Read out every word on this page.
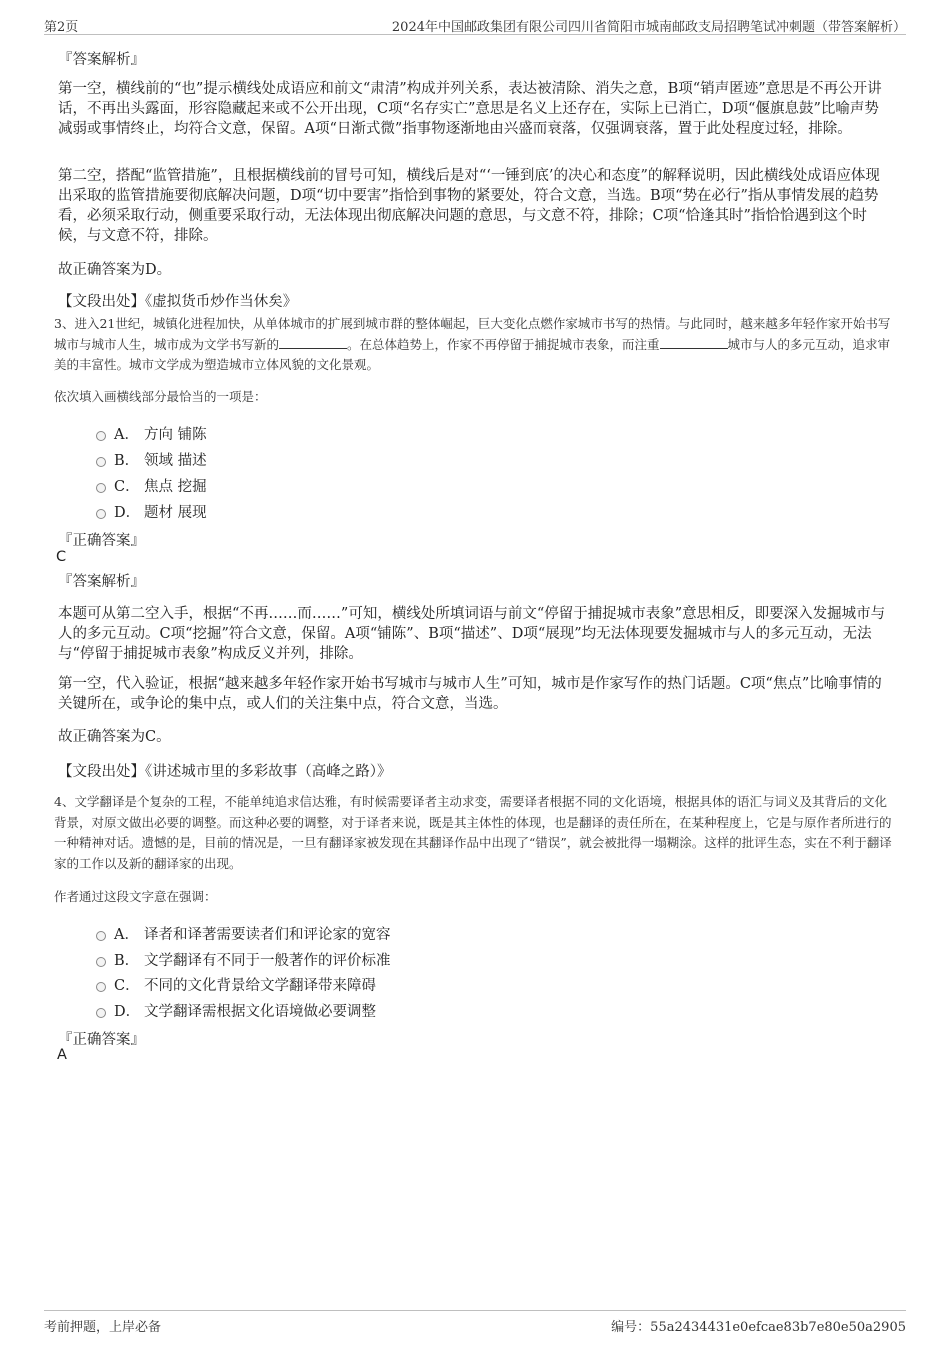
第2页	2024年中国邮政集团有限公司四川省简阳市城南邮政支局招聘笔试冲刺题（带答案解析）
『答案解析』
第一空，横线前的“也”提示横线处成语应和前文“肃清”构成并列关系，表达被清除、消失之意，B项“销声匿迹”意思是不再公开讲话，不再出头露面，形容隐藏起来或不公开出现，C项“名存实亡”意思是名义上还存在，实际上已消亡，D项“偃旗息鼓”比喻声势减弱或事情终止，均符合文意，保留。A项“日渐式微”指事物逐渐地由兴盛而衰落，仅强调衰落，置于此处程度过轻，排除。
第二空，搭配“监管措施”，且根据横线前的冒号可知，横线后是对“‘一锤到底’的决心和态度”的解释说明，因此横线处成语应体现出采取的监管措施要彻底解决问题，D项“切中要害”指恰到事物的紧要处，符合文意，当选。B项“势在必行”指从事情发展的趋势看，必须采取行动，侧重要采取行动，无法体现出彻底解决问题的意思，与文意不符，排除；C项“恰逢其时”指恰恰遇到这个时候，与文意不符，排除。
故正确答案为D。
【文段出处】《虚拟货币炒作当休矣》
3、进入21世纪，城镇化进程加快，从单体城市的扩展到城市群的整体崛起，巨大变化点燃作家城市书写的热情。与此同时，越来越多年轻作家开始书写城市与城市人生，城市成为文学书写新的	。在总体趋势上，作家不再停留于捕捉城市表象，而注重	城市与人的多元互动，追求审美的丰富性。城市文学成为塑造城市立体风貌的文化景观。
依次填入画横线部分最恰当的一项是：
A． 方向 铺陈
B． 领域 描述
C． 焦点 挖掘
D． 题材 展现
『正确答案』
C
『答案解析』
本题可从第二空入手，根据“不再……而……”可知，横线处所填词语与前文“停留于捕捉城市表象”意思相反，即要深入发掘城市与人的多元互动。C项“挖掘”符合文意，保留。A项“铺陈”、B项“描述”、D项“展现”均无法体现要发掘城市与人的多元互动，无法与“停留于捕捉城市表象”构成反义并列，排除。
第一空，代入验证，根据“越来越多年轻作家开始书写城市与城市人生”可知，城市是作家写作的热门话题。C项“焦点”比喻事情的关键所在，或争论的集中点，或人们的关注集中点，符合文意，当选。
故正确答案为C。
【文段出处】《讲述城市里的多彩故事（高峰之路）》
4、文学翻译是个复杂的工程，不能单纯追求信达雅，有时候需要译者主动求变，需要译者根据不同的文化语境，根据具体的语汇与词义及其背后的文化背景，对原文做出必要的调整。而这种必要的调整，对于译者来说，既是其主体性的体现，也是翻译的责任所在，在某种程度上，它是与原作者所进行的一种精神对话。遗憾的是，目前的情况是，一旦有翻译家被发现在其翻译作品中出现了“错误”，就会被批得一塌糊涂。这样的批评生态，实在不利于翻译家的工作以及新的翻译家的出现。
作者通过这段文字意在强调：
A． 译者和译著需要读者们和评论家的宽容
B． 文学翻译有不同于一般著作的评价标准
C． 不同的文化背景给文学翻译带来障碍
D． 文学翻译需根据文化语境做必要调整
『正确答案』
A
考前押题，上岸必备	编号：55a2434431e0efcae83b7e80e50a2905
